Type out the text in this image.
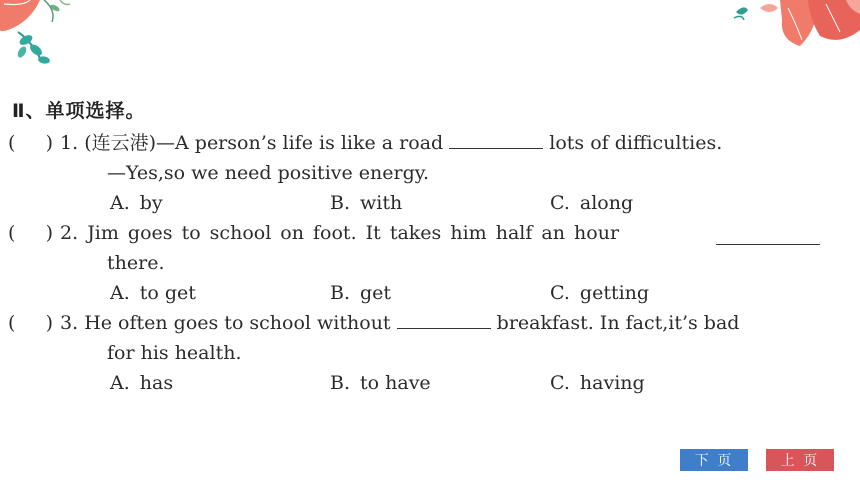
Ⅱ、单项选择。
(     ) 1. (连云港)—A person’s life is like a road	lots of difficulties.
—Yes,so we need positive energy.
A. by	B. with	C. along
(     ) 2. Jim goes to school on foot. It takes him half an hour
there.
A. to get	B. get	C. getting
(     ) 3. He often goes to school without	breakfast. In fact,it’s bad
for his health.
A. has	B. to have	C. having
下 页	上 页
